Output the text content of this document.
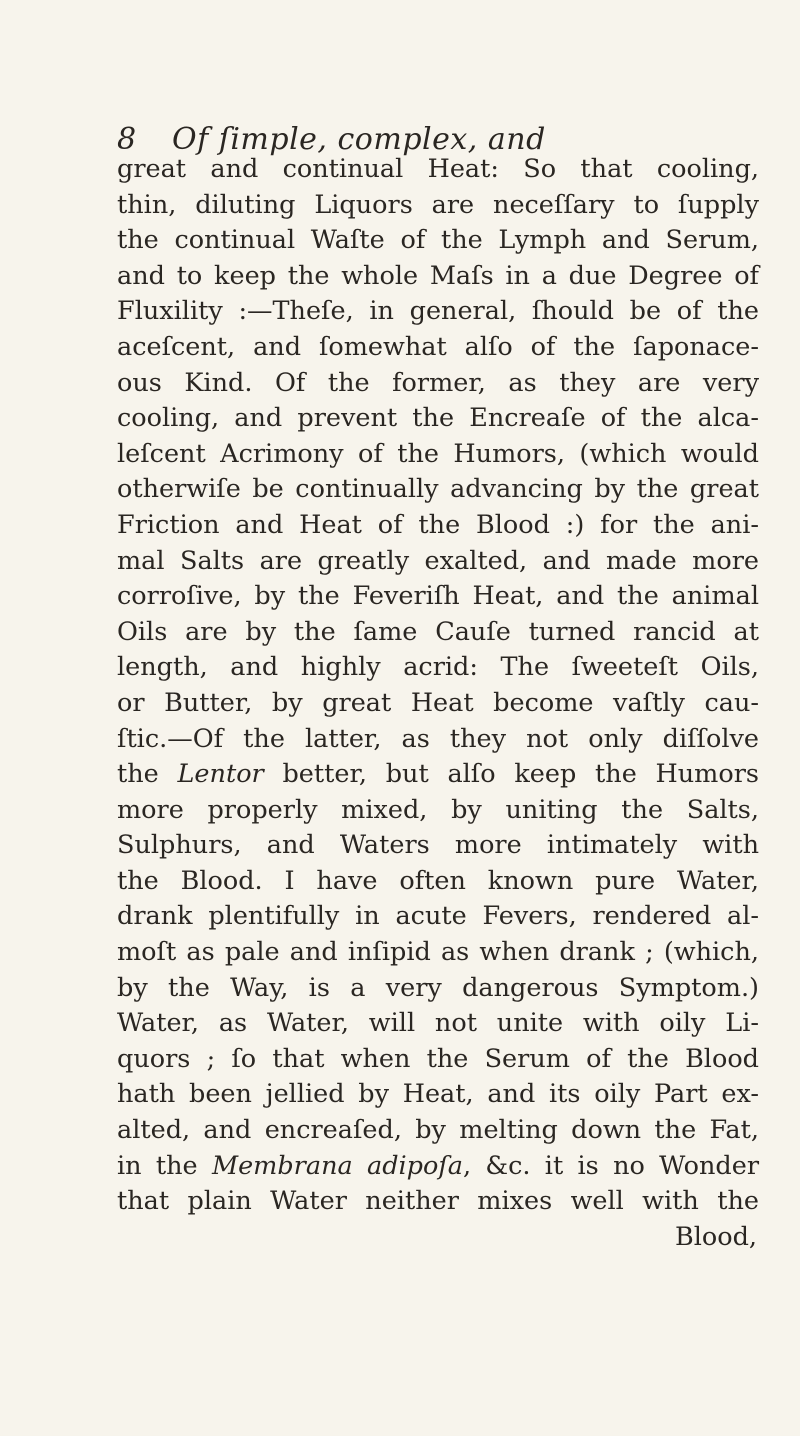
8 Of ſimple, complex, and
great and continual Heat: So that cooling,
thin, diluting Liquors are neceſſary to ſupply
the continual Waſte of the Lymph and Serum,
and to keep the whole Maſs in a due Degree of
Fluxility :—Theſe, in general, ſhould be of the
aceſcent, and ſomewhat alſo of the ſaponace-
ous Kind. Of the former, as they are very
cooling, and prevent the Encreaſe of the alca-
leſcent Acrimony of the Humors, (which would
otherwiſe be continually advancing by the great
Friction and Heat of the Blood :) for the ani-
mal Salts are greatly exalted, and made more
corroſive, by the Feveriſh Heat, and the animal
Oils are by the ſame Cauſe turned rancid at
length, and highly acrid: The ſweeteſt Oils,
or Butter, by great Heat become vaſtly cau-
ſtic.—Of the latter, as they not only diſſolve
the Lentor better, but alſo keep the Humors
more properly mixed, by uniting the Salts,
Sulphurs, and Waters more intimately with
the Blood. I have often known pure Water,
drank plentifully in acute Fevers, rendered al-
moſt as pale and inſipid as when drank ; (which,
by the Way, is a very dangerous Symptom.)
Water, as Water, will not unite with oily Li-
quors ; ſo that when the Serum of the Blood
hath been jellied by Heat, and its oily Part ex-
alted, and encreaſed, by melting down the Fat,
in the Membrana adipoſa, &c. it is no Wonder
that plain Water neither mixes well with the
Blood,
